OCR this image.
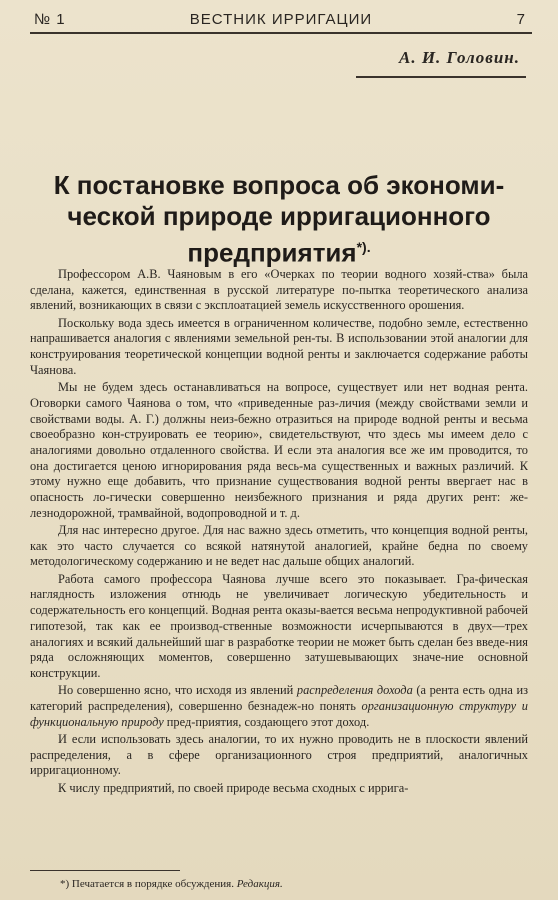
№ 1	ВЕСТНИК ИРРИГАЦИИ	7
А. И. Головин.
К постановке вопроса об экономи-
ческой природе ирригационного
предприятия*).

Профессором А.В. Чаяновым в его «Очерках по теории водного хозяй-ства» была сделана, кажется, единственная в русской литературе по-пытка теоретического анализа явлений, возникающих в связи с эксплоатацией земель искусственного орошения.

Поскольку вода здесь имеется в ограниченном количестве, подобно земле, естественно напрашивается аналогия с явлениями земельной рен-ты. В использовании этой аналогии для конструирования теоретической концепции водной ренты и заключается содержание работы Чаянова.

Мы не будем здесь останавливаться на вопросе, существует или нет водная рента. Оговорки самого Чаянова о том, что «приведенные раз-личия (между свойствами земли и свойствами воды. А. Г.) должны неиз-бежно отразиться на природе водной ренты и весьма своеобразно кон-струировать ее теорию», свидетельствуют, что здесь мы имеем дело с аналогиями довольно отдаленного свойства. И если эта аналогия все же им проводится, то она достигается ценою игнорирования ряда весь-ма существенных и важных различий. К этому нужно еще добавить, что признание существования водной ренты ввергает нас в опасность ло-гически совершенно неизбежного признания и ряда других рент: же-лезнодорожной, трамвайной, водопроводной и т. д.

Для нас интересно другое. Для нас важно здесь отметить, что концепция водной ренты, как это часто случается со всякой натянутой аналогией, крайне бедна по своему методологическому содержанию и не ведет нас дальше общих аналогий.

Работа самого профессора Чаянова лучше всего это показывает. Гра-фическая наглядность изложения отнюдь не увеличивает логическую убедительность и содержательность его концепций. Водная рента оказы-вается весьма непродуктивной рабочей гипотезой, так как ее производ-ственные возможности исчерпываются в двух—трех аналогиях и всякий дальнейший шаг в разработке теории не может быть сделан без введе-ния ряда осложняющих моментов, совершенно затушевывающих значе-ние основной конструкции.

Но совершенно ясно, что исходя из явлений распределения дохода (а рента есть одна из категорий распределения), совершенно безнадеж-но понять организационную структуру и функциональную природу пред-приятия, создающего этот доход.

И если использовать здесь аналогии, то их нужно проводить не в плоскости явлений распределения, а в сфере организационного строя предприятий, аналогичных ирригационному.

К числу предприятий, по своей природе весьма сходных с ирригa-

*) Печатается в порядке обсуждения. Редакция.
